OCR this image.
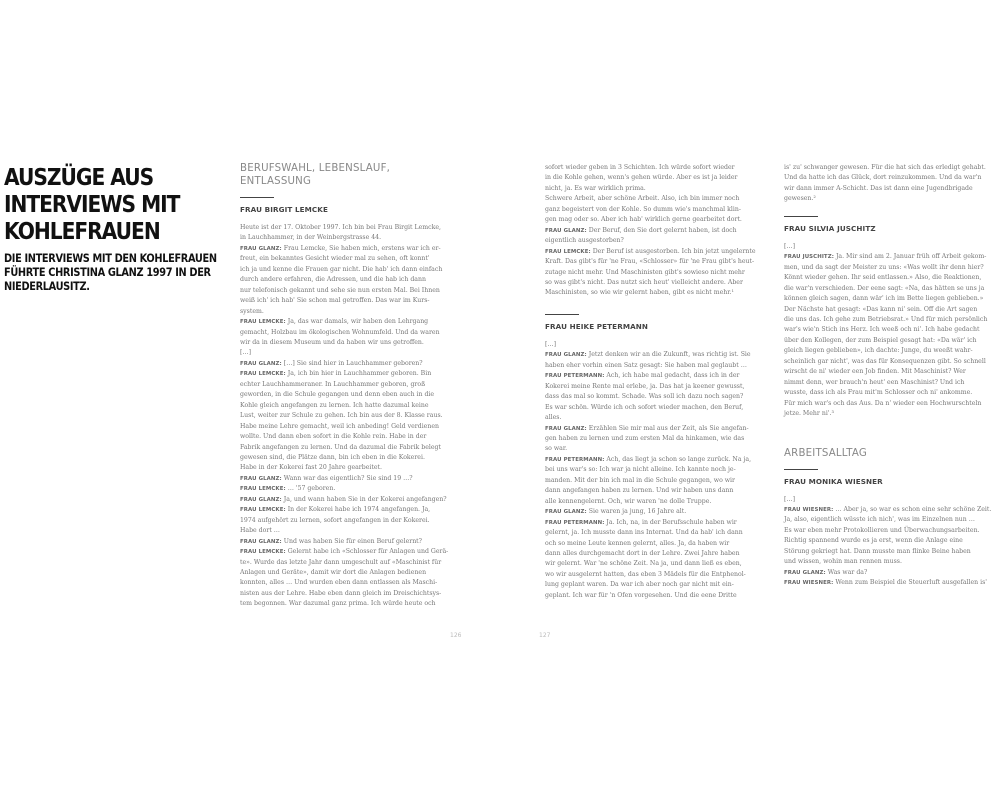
AUSZÜGE AUS
INTERVIEWS MIT
KOHLEFRAUEN
DIE INTERVIEWS MIT DEN KOHLEFRAUEN
FÜHRTE CHRISTINA GLANZ 1997 IN DER
NIEDERLAUSITZ.
BERUFSWAHL, LEBENSLAUF, ENTLASSUNG
FRAU BIRGIT LEMCKE

Heute ist der 17. Oktober 1997. Ich bin bei Frau Birgit Lemcke,

in Lauchhammer, in der Weinbergstrasse 44.

FRAU GLANZ: Frau Lemcke, Sie haben mich, erstens war ich er-

freut, ein bekanntes Gesicht wieder mal zu sehen, oft konnt'

ich ja und kenne die Frauen gar nicht. Die hab' ich dann einfach

durch andere erfahren, die Adressen, und die hab ich dann

nur telefonisch gekannt und sehe sie nun ersten Mal. Bei Ihnen

weiß ich' ich hab' Sie schon mal getroffen. Das war im Kurs-

system.

FRAU LEMCKE: Ja, das war damals, wir haben den Lehrgang

gemacht, Holzbau im ökologischen Wohnumfeld. Und da waren

wir da in diesem Museum und da haben wir uns getroffen.

[…]

FRAU GLANZ: […] Sie sind hier in Lauchhammer geboren?

FRAU LEMCKE: Ja, ich bin hier in Lauchhammer geboren. Bin

echter Lauchhammeraner. In Lauchhammer geboren, groß

geworden, in die Schule gegangen und denn eben auch in die

Kohle gleich angefangen zu lernen. Ich hatte dazumal keine

Lust, weiter zur Schule zu gehen. Ich bin aus der 8. Klasse raus.

Habe meine Lehre gemacht, weil ich anbeding! Geld verdienen

wollte. Und dann eben sofort in die Kohle rein. Habe in der

Fabrik angefangen zu lernen. Und da dazumal die Fabrik belegt

gewesen sind, die Plätze dann, bin ich eben in die Kokerei.

Habe in der Kokerei fast 20 Jahre gearbeitet.

FRAU GLANZ: Wann war das eigentlich? Sie sind 19 …?

FRAU LEMCKE: … '57 geboren.

FRAU GLANZ: Ja, und wann haben Sie in der Kokerei angefangen?

FRAU LEMCKE: In der Kokerei habe ich 1974 angefangen. Ja,

1974 aufgehört zu lernen, sofort angefangen in der Kokerei.

Habe dort …

FRAU GLANZ: Und was haben Sie für einen Beruf gelernt?

FRAU LEMCKE: Gelernt habe ich «Schlosser für Anlagen und Gerä-

te». Wurde das letzte Jahr dann umgeschult auf «Maschinist für

Anlagen und Geräte», damit wir dort die Anlagen bedienen

konnten, alles … Und wurden eben dann entlassen als Maschi-

nisten aus der Lehre. Habe eben dann gleich im Dreischichtsys-

tem begonnen. War dazumal ganz prima. Ich würde heute och

sofort wieder geben in 3 Schichten. Ich würde sofort wieder

in die Kohle gehen, wenn's gehen würde. Aber es ist ja leider

nicht, ja. Es war wirklich prima.

Schwere Arbeit, aber schöne Arbeit. Also, ich bin immer noch

ganz begeistert von der Kohle. So dumm wie's manchmal klin-

gen mag oder so. Aber ich hab' wirklich gerne gearbeitet dort.

FRAU GLANZ: Der Beruf, den Sie dort gelernt haben, ist doch

eigentlich ausgestorben?

FRAU LEMCKE: Der Beruf ist ausgestorben. Ich bin jetzt ungelernte

Kraft. Das gibt's für 'ne Frau, «Schlosser» für 'ne Frau gibt's heut-

zutage nicht mehr. Und Maschinisten gibt's sowieso nicht mehr

so was gibt's nicht. Das nutzt sich heut' vielleicht andere. Aber

Maschinisten, so wie wir gelernt haben, gibt es nicht mehr.¹

FRAU HEIKE PETERMANN

[…]

FRAU GLANZ: Jetzt denken wir an die Zukunft, was richtig ist. Sie

haben eher vorhin einen Satz gesagt: Sie haben mal geglaubt …

FRAU PETERMANN: Ach, ich habe mal gedacht, dass ich in der

Kokerei meine Rente mal erlebe, ja. Das hat ja keener gewusst,

dass das mal so kommt. Schade. Was soll ich dazu noch sagen?

Es war schön. Würde ich och sofort wieder machen, den Beruf,

alles.

FRAU GLANZ: Erzählen Sie mir mal aus der Zeit, als Sie angefan-

gen haben zu lernen und zum ersten Mal da hinkamen, wie das

so war.

FRAU PETERMANN: Ach, das liegt ja schon so lange zurück. Na ja,

bei uns war's so: Ich war ja nicht alleine. Ich kannte noch je-

manden. Mit der bin ich mal in die Schule gegangen, wo wir

dann angefangen haben zu lernen. Und wir haben uns dann

alle kennengelernt. Och, wir waren 'ne dolle Truppe.

FRAU GLANZ: Sie waren ja jung, 16 Jahre alt.

FRAU PETERMANN: Ja. Ich, na, in der Berufsschule haben wir

gelernt, ja. Ich musste dann ins Internat. Und da hab' ich dann

och so meine Leute kennen gelernt, alles. Ja, da haben wir

dann alles durchgemacht dort in der Lehre. Zwei Jahre haben

wir gelernt. War 'ne schöne Zeit. Na ja, und dann ließ es eben,

wo wir ausgelernt hatten, das eben 3 Mädels für die Entphenol-

lung geplant waren. Da war ich aber noch gar nicht mit ein-

geplant. Ich war für 'n Ofen vorgesehen. Und die eene Dritte

is' zu' schwanger gewesen. Für die hat sich das erledigt gehabt.

Und da hatte ich das Glück, dort reinzukommen. Und da war'n

wir dann immer A-Schicht. Das ist dann eine Jugendbrigade

gewesen.²

FRAU SILVIA JUSCHITZ

[…]

FRAU JUSCHITZ: Ja. Mir sind am 2. Januar früh off Arbeit gekom-

men, und da sagt der Meister zu uns: «Was wollt ihr denn hier?

Könnt wieder gehen. Ihr seid entlassen.» Also, die Reaktionen,

die war'n verschieden. Der eene sagt: «Na, das hätten se uns ja

können gleich sagen, dann wär' ich im Bette liegen geblieben.»

Der Nächste hat gesagt: «Das kann ni' sein. Off die Art sagen

die uns das. Ich gehe zum Betriebsrat.» Und für mich persönlich

war's wie'n Stich ins Herz. Ich weeß och ni'. Ich habe gedacht

über den Kollegen, der zum Beispiel gesagt hat: «Da wär' ich

gleich liegen geblieben», ich dachte: Junge, du weeßt wahr-

scheinlich gar nicht', was das für Konsequenzen gibt. So schnell

wirscht de ni' wieder een Job finden. Mit Maschinist? Wer

nimmt denn, wer brauch'n heut' een Maschinist? Und ich

wusste, dass ich als Frau mit'm Schlosser och ni' ankomme.

Für mich war's och das Aus. Da n' wieder een Hochwurschteln

jetze. Mehr ni'.³

ARBEITSALLTAG
FRAU MONIKA WIESNER

[…]

FRAU WIESNER: … Aber ja, so war es schon eine sehr schöne Zeit.

Ja, also, eigentlich wüsste ich nich', was im Einzelnen nun …

Es war eben mehr Protokollieren und Überwachungsarbeiten.

Richtig spannend wurde es ja erst, wenn die Anlage eine

Störung gekriegt hat. Dann musste man flinke Beine haben

und wissen, wohin man rennen muss.

FRAU GLANZ: Was war da?

FRAU WIESNER: Wenn zum Beispiel die Steuerluft ausgefallen is'

126	127
